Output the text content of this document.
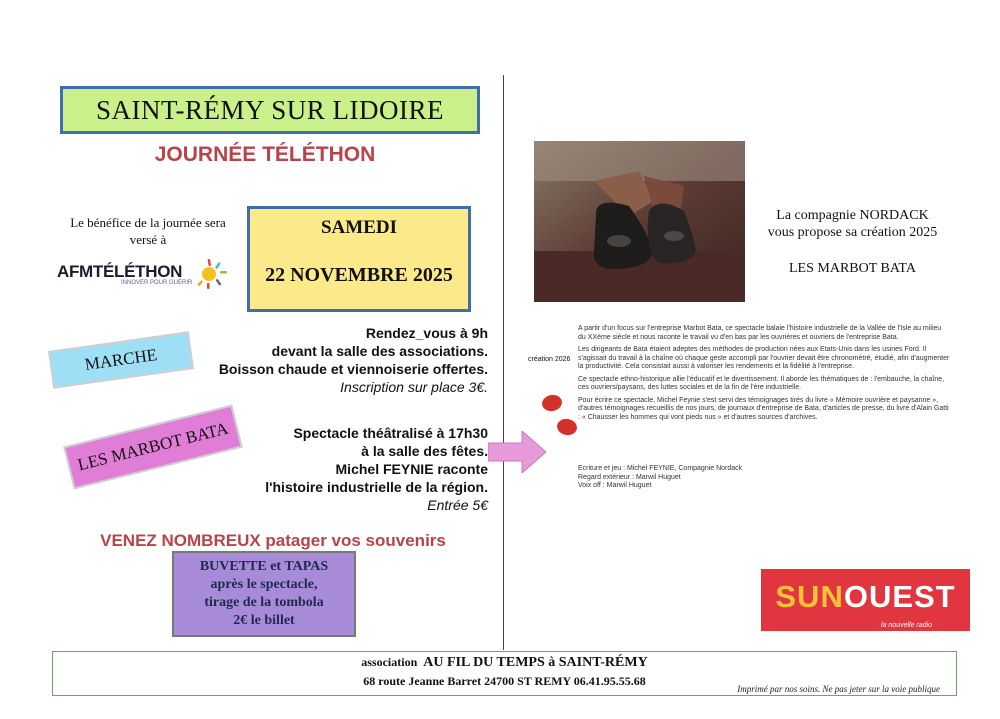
SAINT-RÉMY SUR LIDOIRE
JOURNÉE TÉLÉTHON
Le bénéfice de la journée sera
versé à
AFMTÉLÉTHON
INNOVER POUR GUÉRIR
SAMEDI
22 NOVEMBRE 2025
MARCHE
Rendez_vous à 9h
devant la salle des associations.
Boisson chaude et viennoiserie offertes.
Inscription sur place 3€.
LES MARBOT BATA	Spectacle théâtralisé à 17h30
à la salle des fêtes.
Michel FEYNIE raconte
l'histoire industrielle de la région.
Entrée 5€
VENEZ NOMBREUX patager vos souvenirs
BUVETTE et TAPAS
après le spectacle,
tirage de la tombola
2€ le billet
La compagnie NORDACK
vous propose sa création 2025
LES MARBOT BATA
création 2026

A partir d'un focus sur l'entreprise Marbot Bata, ce spectacle balaie l'histoire industrielle de la Vallée de l'Isle au milieu du XXème siècle et nous raconte le travail vu d'en bas par les ouvrières et ouvriers de l'entreprise Bata.

Les dirigeants de Bata étaient adeptes des méthodes de production nées aux Etats-Unis dans les usines Ford. Il s'agissait du travail à la chaîne où chaque geste accompli par l'ouvrier devait être chronométré, étudié, afin d'augmenter la productivité. Cela consistait aussi à valoriser les rendements et la fidélité à l'entreprise.

Ce spectacle ethno-historique allie l'éducatif et le divertissement. Il aborde les thématiques de : l'embauche, la chaîne, ces ouvriers/paysans, des luttes sociales et de la fin de l'ère industrielle.

Pour écrire ce spectacle, Michel Feynie s'est servi des témoignages tirés du livre « Mémoire ouvrière et paysanne », d'autres témoignages recueillis de nos jours, de journaux d'entreprise de Bata, d'articles de presse, du livre d'Alain Gatti : « Chausser les hommes qui vont pieds nus » et d'autres sources d'archives.

Ecriture et jeu : Michel FEYNIE, Compagnie Nordack
Regard extérieur : Marwil Huguet
Voix off : Marwil Huguet
SUNOUEST
la nouvelle radio
association AU FIL DU TEMPS à SAINT-RÉMY
68 route Jeanne Barret 24700 ST REMY 06.41.95.55.68
Imprimé par nos soins. Ne pas jeter sur la voie publique
